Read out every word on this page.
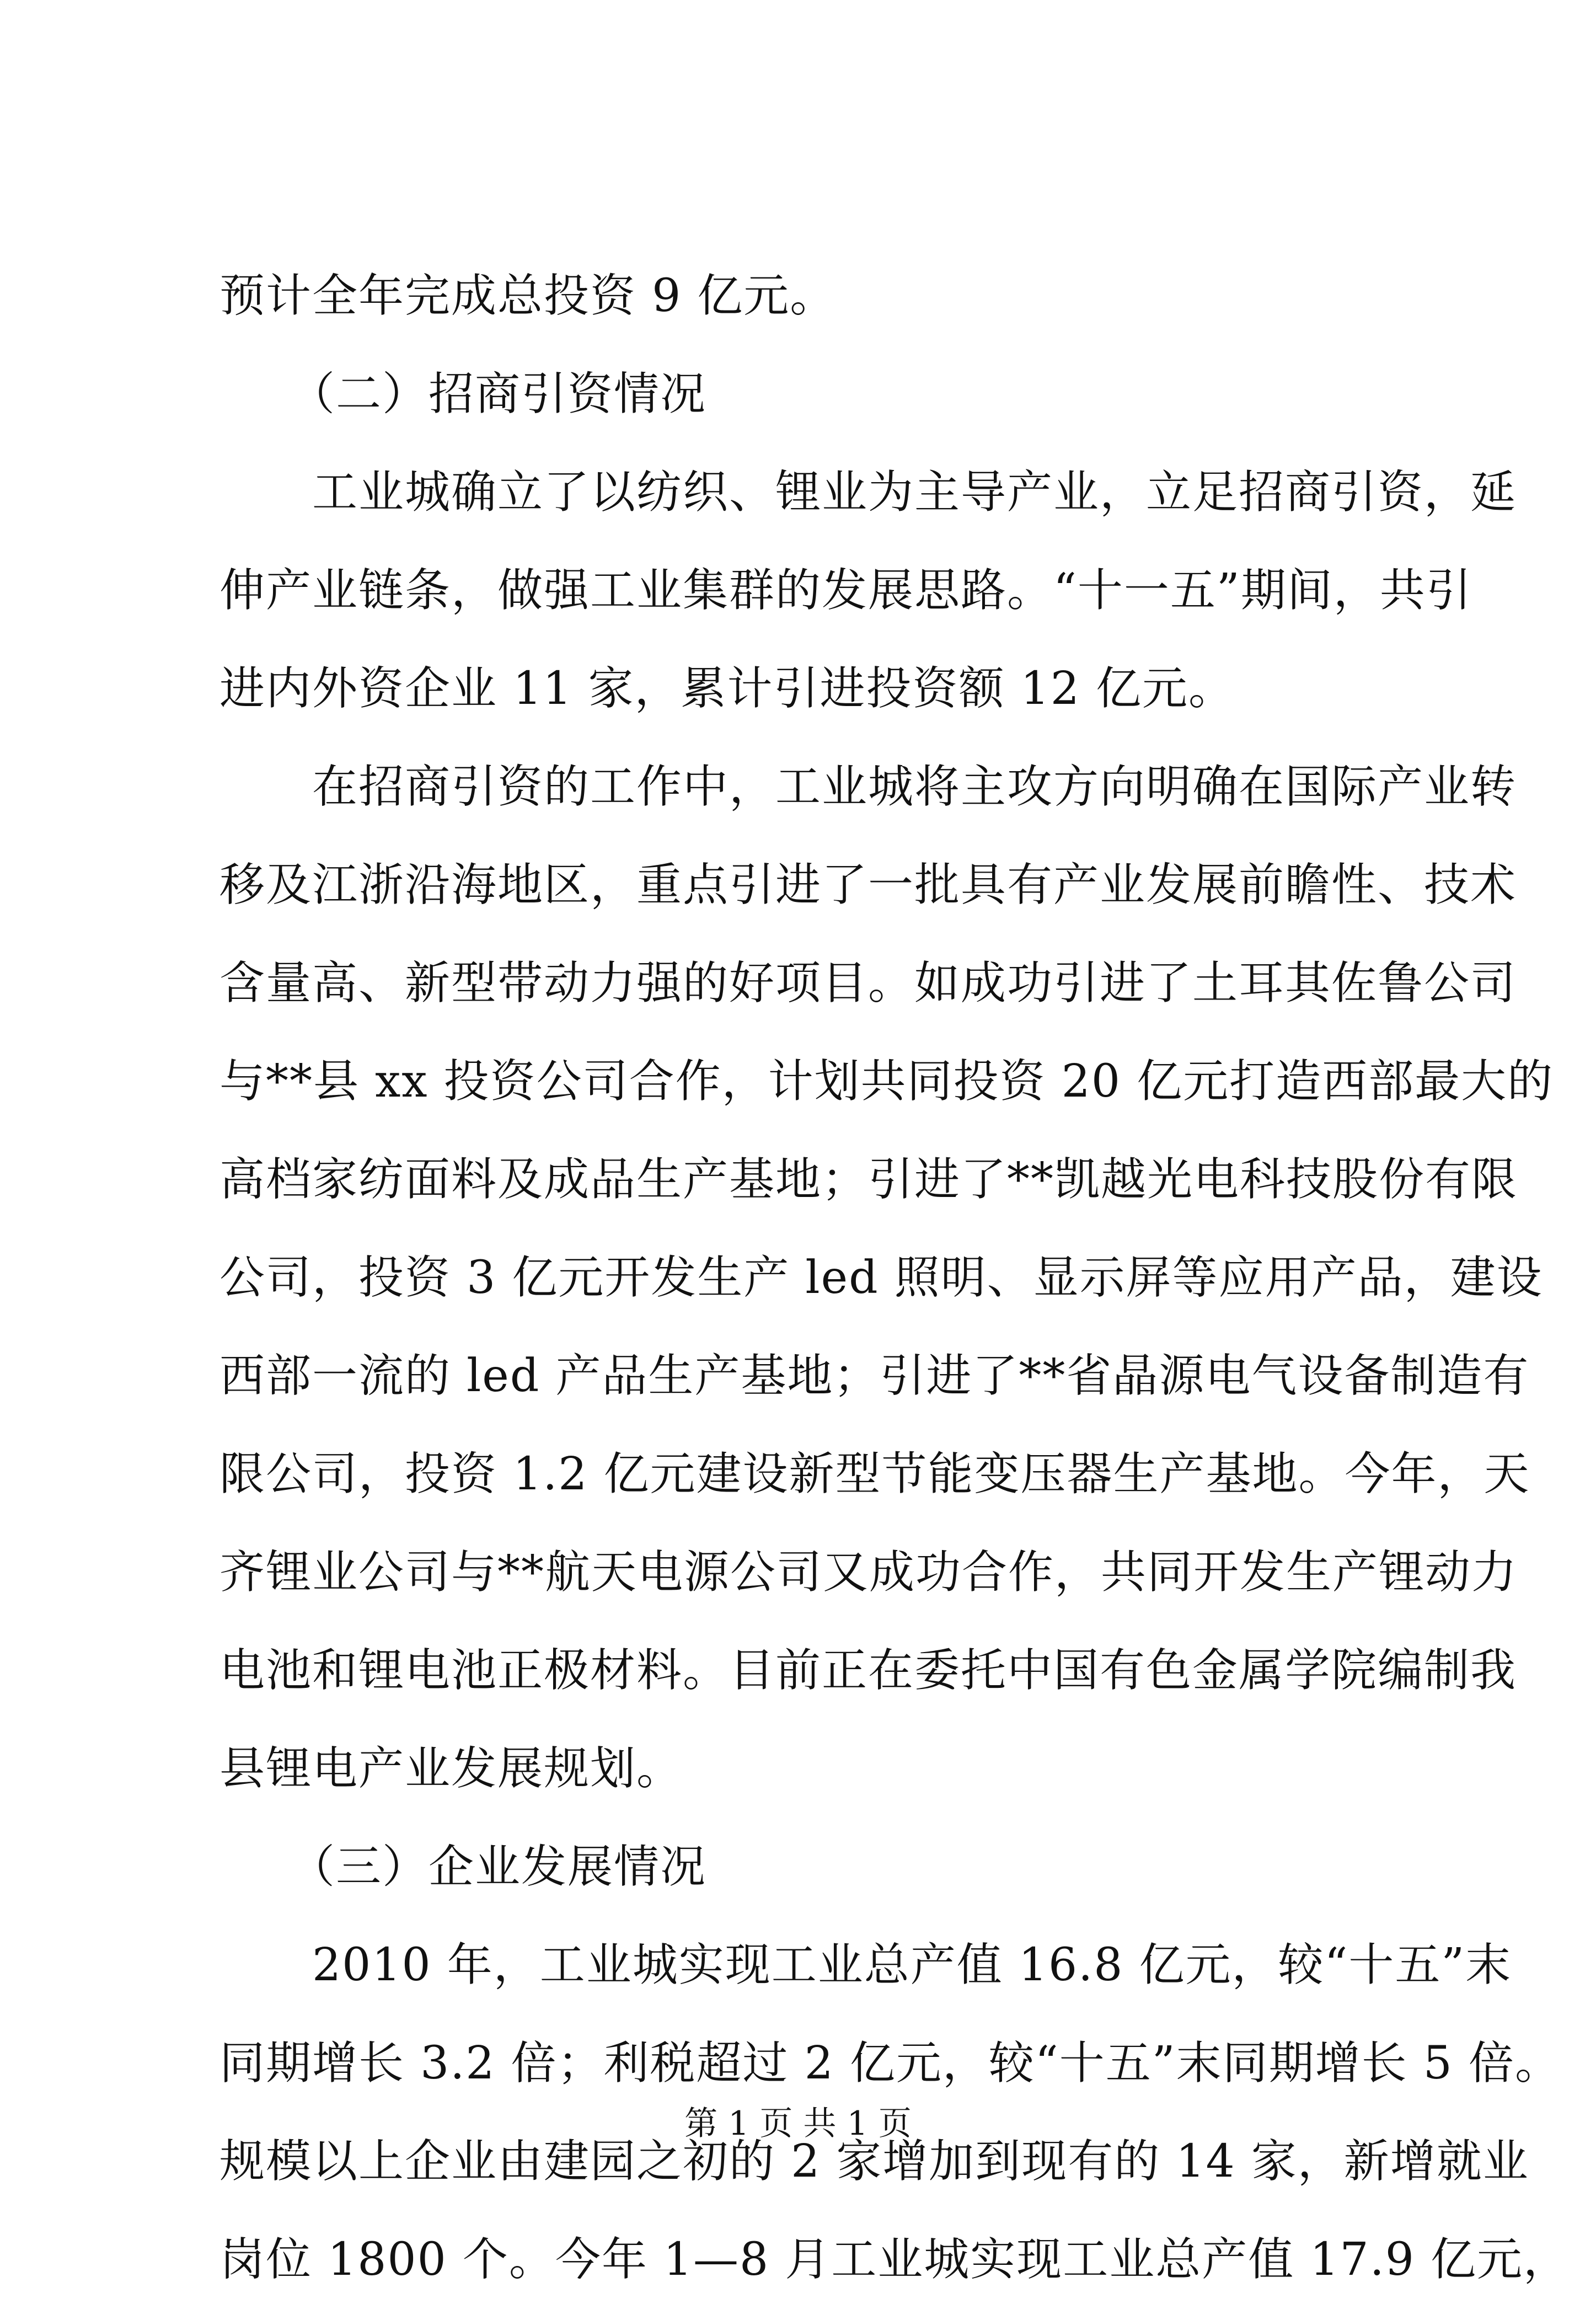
预计全年完成总投资 9 亿元。
　　（二）招商引资情况
　　工业城确立了以纺织、锂业为主导产业，立足招商引资，延
伸产业链条，做强工业集群的发展思路。“十一五”期间，共引
进内外资企业 11 家，累计引进投资额 12 亿元。
　　在招商引资的工作中，工业城将主攻方向明确在国际产业转
移及江浙沿海地区，重点引进了一批具有产业发展前瞻性、技术
含量高、新型带动力强的好项目。如成功引进了土耳其佐鲁公司
与**县 xx 投资公司合作，计划共同投资 20 亿元打造西部最大的
高档家纺面料及成品生产基地；引进了**凯越光电科技股份有限
公司，投资 3 亿元开发生产 led 照明、显示屏等应用产品，建设
西部一流的 led 产品生产基地；引进了**省晶源电气设备制造有
限公司，投资 1.2 亿元建设新型节能变压器生产基地。今年，天
齐锂业公司与**航天电源公司又成功合作，共同开发生产锂动力
电池和锂电池正极材料。目前正在委托中国有色金属学院编制我
县锂电产业发展规划。
　　（三）企业发展情况
　　2010 年，工业城实现工业总产值 16.8 亿元，较“十五”末
同期增长 3.2 倍；利税超过 2 亿元，较“十五”末同期增长 5 倍。
规模以上企业由建园之初的 2 家增加到现有的 14 家，新增就业
岗位 1800 个。今年 1—8 月工业城实现工业总产值 17.9 亿元，
第 1 页 共 1 页
